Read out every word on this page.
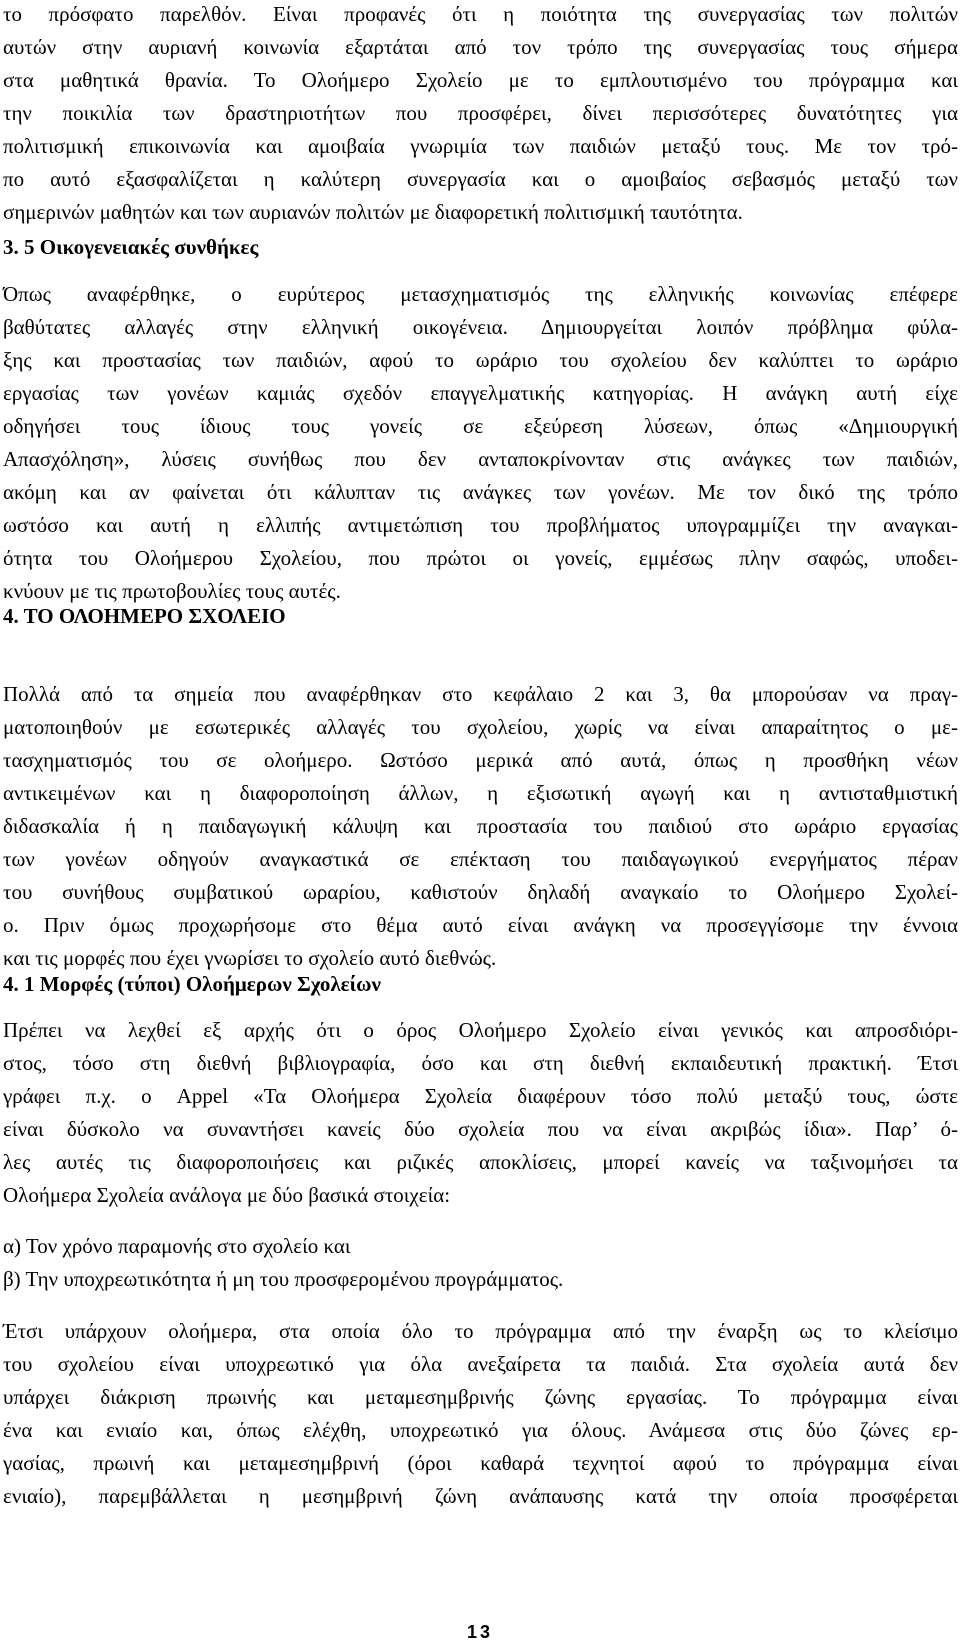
το πρόσφατο παρελθόν. Είναι προφανές ότι η ποιότητα της συνεργασίας των πολιτών
αυτών στην αυριανή κοινωνία εξαρτάται από τον τρόπο της συνεργασίας τους σήμερα
στα μαθητικά θρανία. Το Ολοήμερο Σχολείο με το εμπλουτισμένο του πρόγραμμα και
την ποικιλία των δραστηριοτήτων που προσφέρει, δίνει περισσότερες δυνατότητες για
πολιτισμική επικοινωνία και αμοιβαία γνωριμία των παιδιών μεταξύ τους. Με τον τρό-
πο αυτό εξασφαλίζεται η καλύτερη συνεργασία και ο αμοιβαίος σεβασμός μεταξύ των
σημερινών μαθητών και των αυριανών πολιτών με διαφορετική πολιτισμική ταυτότητα.
3. 5 Οικογενειακές συνθήκες
Όπως αναφέρθηκε, ο ευρύτερος μετασχηματισμός της ελληνικής κοινωνίας επέφερε
βαθύτατες αλλαγές στην ελληνική οικογένεια. Δημιουργείται λοιπόν πρόβλημα φύλα-
ξης και προστασίας των παιδιών, αφού το ωράριο του σχολείου δεν καλύπτει το ωράριο
εργασίας των γονέων καμιάς σχεδόν επαγγελματικής κατηγορίας. Η ανάγκη αυτή είχε
οδηγήσει τους ίδιους τους γονείς σε εξεύρεση λύσεων, όπως «Δημιουργική
Απασχόληση», λύσεις συνήθως που δεν ανταποκρίνονταν στις ανάγκες των παιδιών,
ακόμη και αν φαίνεται ότι κάλυπταν τις ανάγκες των γονέων. Με τον δικό της τρόπο
ωστόσο και αυτή η ελλιπής αντιμετώπιση του προβλήματος υπογραμμίζει την αναγκαι-
ότητα του Ολοήμερου Σχολείου, που πρώτοι οι γονείς, εμμέσως πλην σαφώς, υποδει-
κνύουν με τις πρωτοβουλίες τους αυτές.
4. ΤΟ ΟΛΟΗΜΕΡΟ ΣΧΟΛΕΙΟ
Πολλά από τα σημεία που αναφέρθηκαν στο κεφάλαιο 2 και 3, θα μπορούσαν να πραγ-
ματοποιηθούν με εσωτερικές αλλαγές του σχολείου, χωρίς να είναι απαραίτητος ο με-
τασχηματισμός του σε ολοήμερο. Ωστόσο μερικά από αυτά, όπως η προσθήκη νέων
αντικειμένων και η διαφοροποίηση άλλων, η εξισωτική αγωγή και η αντισταθμιστική
διδασκαλία ή η παιδαγωγική κάλυψη και προστασία του παιδιού στο ωράριο εργασίας
των γονέων οδηγούν αναγκαστικά σε επέκταση του παιδαγωγικού ενεργήματος πέραν
του συνήθους συμβατικού ωραρίου, καθιστούν δηλαδή αναγκαίο το Ολοήμερο Σχολεί-
ο. Πριν όμως προχωρήσομε στο θέμα αυτό είναι ανάγκη να προσεγγίσομε την έννοια
και τις μορφές που έχει γνωρίσει το σχολείο αυτό διεθνώς.
4. 1 Μορφές (τύποι) Ολοήμερων Σχολείων
Πρέπει να λεχθεί εξ αρχής ότι ο όρος Ολοήμερο Σχολείο είναι γενικός και απροσδιόρι-
στος, τόσο στη διεθνή βιβλιογραφία, όσο και στη διεθνή εκπαιδευτική πρακτική. Έτσι
γράφει π.χ. ο Appel «Τα Ολοήμερα Σχολεία διαφέρουν τόσο πολύ μεταξύ τους, ώστε
είναι δύσκολο να συναντήσει κανείς δύο σχολεία που να είναι ακριβώς ίδια». Παρ’ ό-
λες αυτές τις διαφοροποιήσεις και ριζικές αποκλίσεις, μπορεί κανείς να ταξινομήσει τα
Ολοήμερα Σχολεία ανάλογα με δύο βασικά στοιχεία:
α) Τον χρόνο παραμονής στο σχολείο και
β) Την υποχρεωτικότητα ή μη του προσφερομένου προγράμματος.
Έτσι υπάρχουν ολοήμερα, στα οποία όλο το πρόγραμμα από την έναρξη ως το κλείσιμο
του σχολείου είναι υποχρεωτικό για όλα ανεξαίρετα τα παιδιά. Στα σχολεία αυτά δεν
υπάρχει διάκριση πρωινής και μεταμεσημβρινής ζώνης εργασίας. Το πρόγραμμα είναι
ένα και ενιαίο και, όπως ελέχθη, υποχρεωτικό για όλους. Ανάμεσα στις δύο ζώνες ερ-
γασίας, πρωινή και μεταμεσημβρινή (όροι καθαρά τεχνητοί αφού το πρόγραμμα είναι
ενιαίο), παρεμβάλλεται η μεσημβρινή ζώνη ανάπαυσης κατά την οποία προσφέρεται
13
